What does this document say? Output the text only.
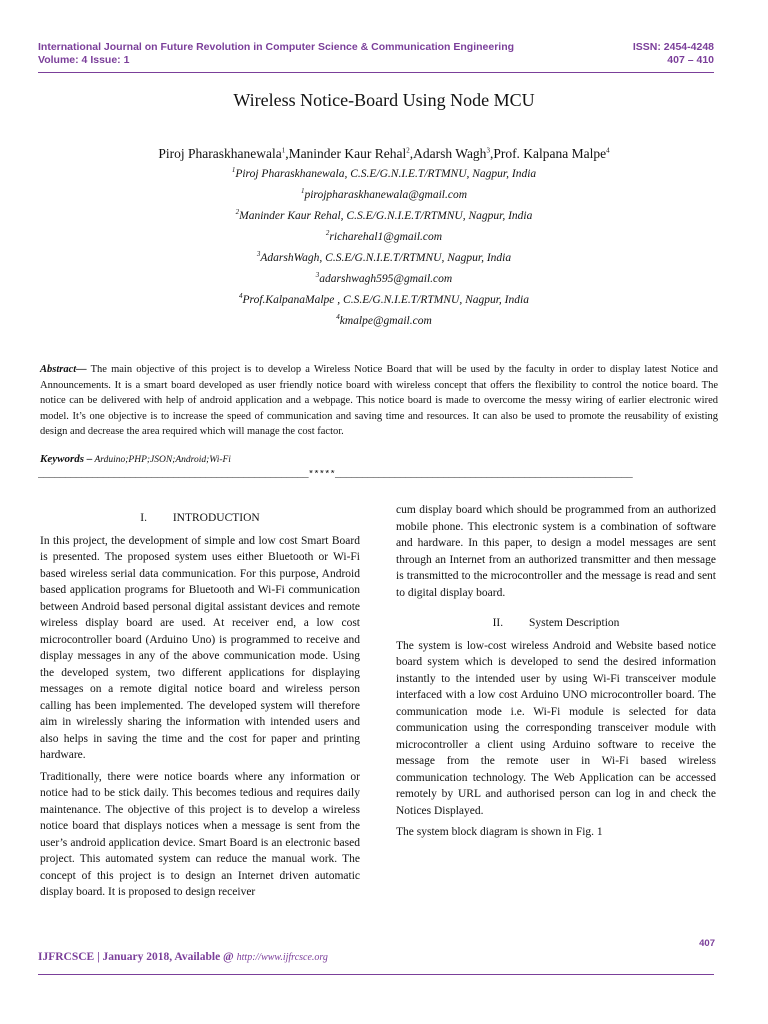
International Journal on Future Revolution in Computer Science & Communication Engineering
Volume: 4 Issue: 1
ISSN: 2454-4248
407 – 410
Wireless Notice-Board Using Node MCU
Piroj Pharaskhanewala$^1$,Maninder Kaur Rehal$^2$,Adarsh Wagh$^3$,Prof. Kalpana Malpe$^4$
$^1$Piroj Pharaskhanewala, C.S.E/G.N.I.E.T/RTMNU, Nagpur, India
$^1$pirojpharaskhanewala@gmail.com
$^2$Maninder Kaur Rehal, C.S.E/G.N.I.E.T/RTMNU, Nagpur, India
$^2$richarehal1@gmail.com
$^3$AdarshWagh, C.S.E/G.N.I.E.T/RTMNU, Nagpur, India
$^3$adarshwagh595@gmail.com
$^4$Prof.KalpanaMalpe , C.S.E/G.N.I.E.T/RTMNU, Nagpur, India
$^4$kmalpe@gmail.com
Abstract— The main objective of this project is to develop a Wireless Notice Board that will be used by the faculty in order to display latest Notice and Announcements. It is a smart board developed as user friendly notice board with wireless concept that offers the flexibility to control the notice board. The notice can be delivered with help of android application and a webpage. This notice board is made to overcome the messy wiring of earlier electronic wired model. It’s one objective is to increase the speed of communication and saving time and resources. It can also be used to promote the reusability of existing design and decrease the area required which will manage the cost factor.
Keywords – Arduino;PHP;JSON;Android;Wi-Fi
__________________________________________________*****_______________________________________________________
I.         INTRODUCTION

In this project, the development of simple and low cost Smart Board is presented. The proposed system uses either Bluetooth or Wi-Fi based wireless serial data communication. For this purpose, Android based application programs for Bluetooth and Wi-Fi communication between Android based personal digital assistant devices and remote wireless display board are used. At receiver end, a low cost microcontroller board (Arduino Uno) is programmed to receive and display messages in any of the above communication mode. Using the developed system, two different applications for displaying messages on a remote digital notice board and wireless person calling has been implemented. The developed system will therefore aim in wirelessly sharing the information with intended users and also helps in saving the time and the cost for paper and printing hardware.

Traditionally, there were notice boards where any information or notice had to be stick daily. This becomes tedious and requires daily maintenance. The objective of this project is to develop a wireless notice board that displays notices when a message is sent from the user’s android application device. Smart Board is an electronic based project. This automated system can reduce the manual work. The concept of this project is to design an Internet driven automatic display board. It is proposed to design receiver

cum display board which should be programmed from an authorized mobile phone. This electronic system is a combination of software and hardware. In this paper, to design a model messages are sent through an Internet from an authorized transmitter and then message is transmitted to the microcontroller and the message is read and sent to digital display board.

II.         System Description

The system is low-cost wireless Android and Website based notice board system which is developed to send the desired information instantly to the intended user by using Wi-Fi transceiver module interfaced with a low cost Arduino UNO microcontroller board. The communication mode i.e. Wi-Fi module is selected for data communication using the corresponding transceiver module with microcontroller a client using Arduino software to receive the message from the remote user in Wi-Fi based wireless communication technology. The Web Application can be accessed remotely by URL and authorised person can log in and check the Notices Displayed.

The system block diagram is shown in Fig. 1

407
IJFRCSCE | January 2018, Available @ http://www.ijfrcsce.org
